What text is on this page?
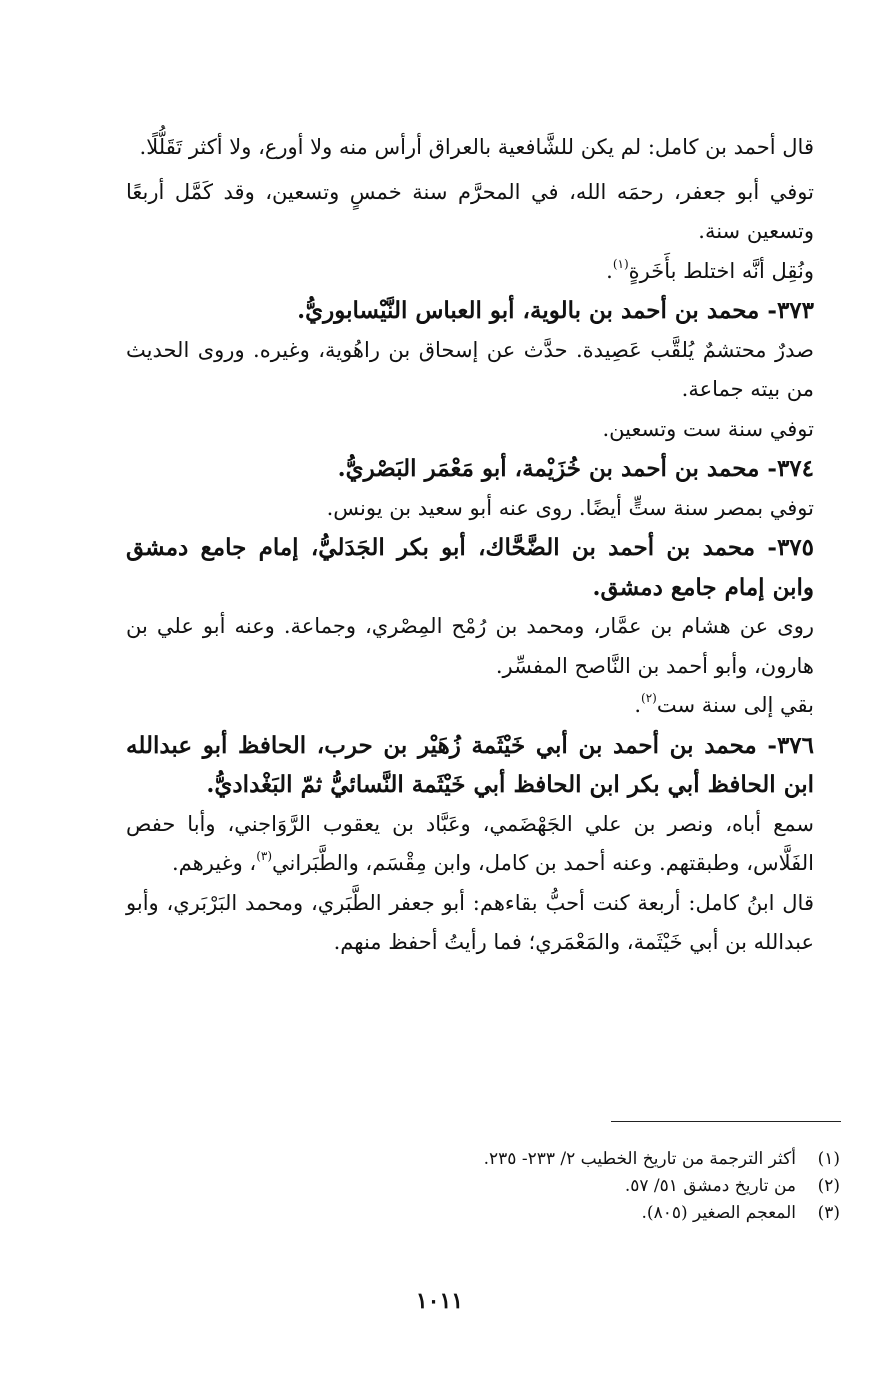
قال أحمد بن كامل: لم يكن للشَّافعية بالعراق أرأس منه ولا أورع، ولا أكثر تَقَلُّلًا.

توفي أبو جعفر، رحمَه الله، في المحرَّم سنة خمسٍ وتسعين، وقد كَمَّل أربعًا وتسعين سنة.

ونُقِل أنَّه اختلط بأَخَرةٍ$^{(١)}$.

٣٧٣- محمد بن أحمد بن بالوية، أبو العباس النَّيْسابوريُّ.

صدرٌ محتشمٌ يُلقَّب عَصِيدة. حدَّث عن إسحاق بن راهُوية، وغيره. وروى الحديث من بيته جماعة.

توفي سنة ست وتسعين.

٣٧٤- محمد بن أحمد بن خُزَيْمة، أبو مَعْمَر البَصْريُّ.

توفي بمصر سنة ستٍّ أيضًا. روى عنه أبو سعيد بن يونس.

٣٧٥- محمد بن أحمد بن الضَّحَّاك، أبو بكر الجَدَليُّ، إمام جامع دمشق وابن إمام جامع دمشق.

روى عن هشام بن عمَّار، ومحمد بن رُمْح المِصْري، وجماعة. وعنه أبو علي بن هارون، وأبو أحمد بن النَّاصح المفسِّر.

بقي إلى سنة ست$^{(٢)}$.

٣٧٦- محمد بن أحمد بن أبي خَيْثَمة زُهَيْر بن حرب، الحافظ أبو عبدالله ابن الحافظ أبي بكر ابن الحافظ أبي خَيْثَمة النَّسائيُّ ثمّ البَغْداديُّ.

سمع أباه، ونصر بن علي الجَهْضَمي، وعَبَّاد بن يعقوب الرَّوَاجني، وأبا حفص الفَلَّاس، وطبقتهم. وعنه أحمد بن كامل، وابن مِقْسَم، والطَّبَراني$^{(٣)}$، وغيرهم.

قال ابنُ كامل: أربعة كنت أحبُّ بقاءهم: أبو جعفر الطَّبَري، ومحمد البَرْبَري، وأبو عبدالله بن أبي خَيْثَمة، والمَعْمَري؛ فما رأيتُ أحفظ منهم.

(١)أكثر الترجمة من تاريخ الخطيب ٢/ ٢٣٣- ٢٣٥.

(٢)من تاريخ دمشق ٥١/ ٥٧.

(٣)المعجم الصغير (٨٠٥).

١٠١١
